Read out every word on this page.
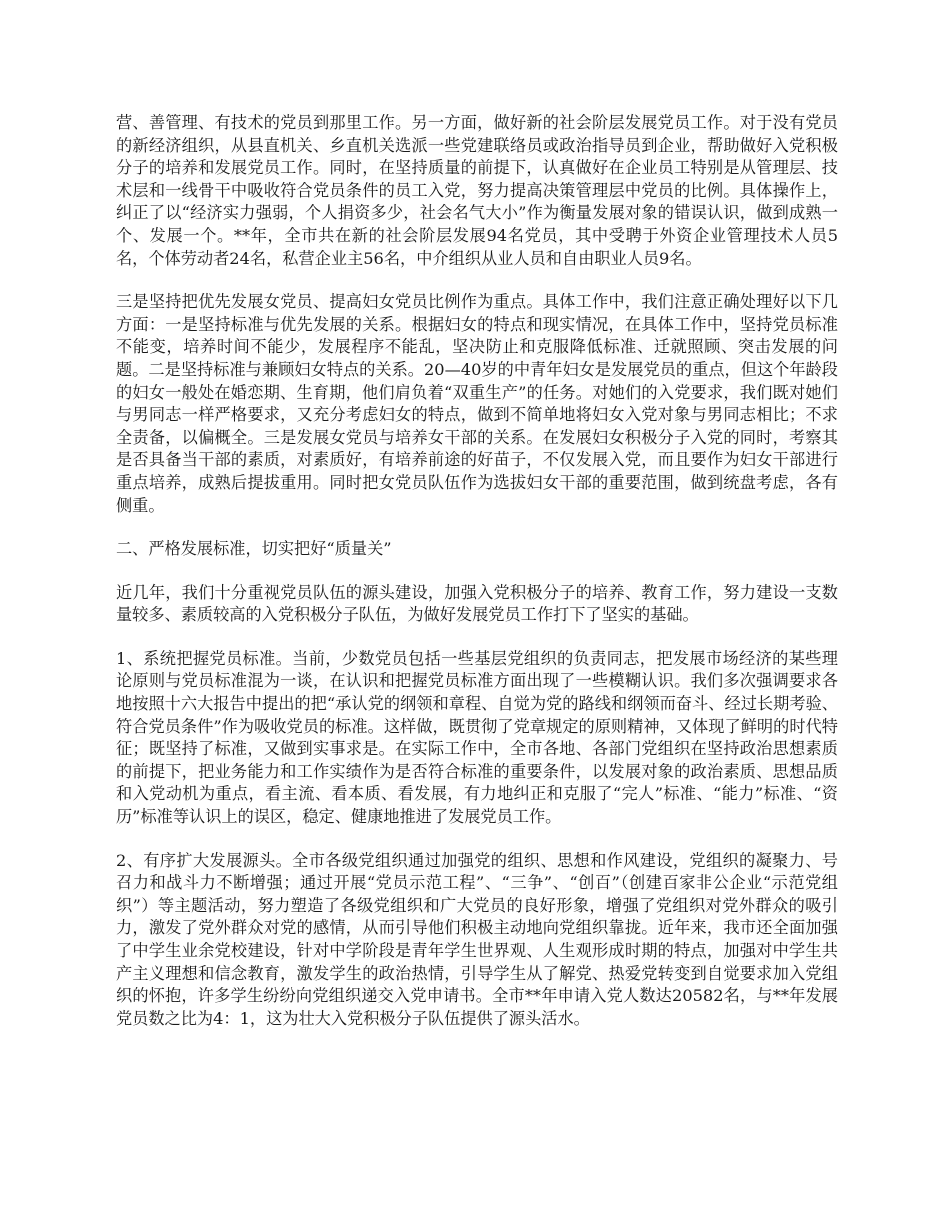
营、善管理、有技术的党员到那里工作。另一方面，做好新的社会阶层发展党员工作。对于没有党员的新经济组织，从县直机关、乡直机关选派一些党建联络员或政治指导员到企业，帮助做好入党积极分子的培养和发展党员工作。同时，在坚持质量的前提下，认真做好在企业员工特别是从管理层、技术层和一线骨干中吸收符合党员条件的员工入党，努力提高决策管理层中党员的比例。具体操作上，纠正了以“经济实力强弱，个人捐资多少，社会名气大小”作为衡量发展对象的错误认识，做到成熟一个、发展一个。**年，全市共在新的社会阶层发展94名党员，其中受聘于外资企业管理技术人员5名，个体劳动者24名，私营企业主56名，中介组织从业人员和自由职业人员9名。

三是坚持把优先发展女党员、提高妇女党员比例作为重点。具体工作中，我们注意正确处理好以下几方面：一是坚持标准与优先发展的关系。根据妇女的特点和现实情况，在具体工作中，坚持党员标准不能变，培养时间不能少，发展程序不能乱，坚决防止和克服降低标准、迁就照顾、突击发展的问题。二是坚持标准与兼顾妇女特点的关系。20—40岁的中青年妇女是发展党员的重点，但这个年龄段的妇女一般处在婚恋期、生育期，他们肩负着“双重生产”的任务。对她们的入党要求，我们既对她们与男同志一样严格要求，又充分考虑妇女的特点，做到不简单地将妇女入党对象与男同志相比；不求全责备，以偏概全。三是发展女党员与培养女干部的关系。在发展妇女积极分子入党的同时，考察其是否具备当干部的素质，对素质好，有培养前途的好苗子，不仅发展入党，而且要作为妇女干部进行重点培养，成熟后提拔重用。同时把女党员队伍作为选拔妇女干部的重要范围，做到统盘考虑，各有侧重。

二、严格发展标准，切实把好“质量关”

近几年，我们十分重视党员队伍的源头建设，加强入党积极分子的培养、教育工作，努力建设一支数量较多、素质较高的入党积极分子队伍，为做好发展党员工作打下了坚实的基础。

1、系统把握党员标准。当前，少数党员包括一些基层党组织的负责同志，把发展市场经济的某些理论原则与党员标准混为一谈，在认识和把握党员标准方面出现了一些模糊认识。我们多次强调要求各地按照十六大报告中提出的把“承认党的纲领和章程、自觉为党的路线和纲领而奋斗、经过长期考验、符合党员条件”作为吸收党员的标准。这样做，既贯彻了党章规定的原则精神，又体现了鲜明的时代特征；既坚持了标准，又做到实事求是。在实际工作中，全市各地、各部门党组织在坚持政治思想素质的前提下，把业务能力和工作实绩作为是否符合标准的重要条件，以发展对象的政治素质、思想品质和入党动机为重点，看主流、看本质、看发展，有力地纠正和克服了“完人”标准、“能力”标准、“资历”标准等认识上的误区，稳定、健康地推进了发展党员工作。

2、有序扩大发展源头。全市各级党组织通过加强党的组织、思想和作风建设，党组织的凝聚力、号召力和战斗力不断增强；通过开展“党员示范工程”、“三争”、“创百”（创建百家非公企业“示范党组织”）等主题活动，努力塑造了各级党组织和广大党员的良好形象，增强了党组织对党外群众的吸引力，激发了党外群众对党的感情，从而引导他们积极主动地向党组织靠拢。近年来，我市还全面加强了中学生业余党校建设，针对中学阶段是青年学生世界观、人生观形成时期的特点，加强对中学生共产主义理想和信念教育，激发学生的政治热情，引导学生从了解党、热爱党转变到自觉要求加入党组织的怀抱，许多学生纷纷向党组织递交入党申请书。全市**年申请入党人数达20582名，与**年发展党员数之比为4：1，这为壮大入党积极分子队伍提供了源头活水。
